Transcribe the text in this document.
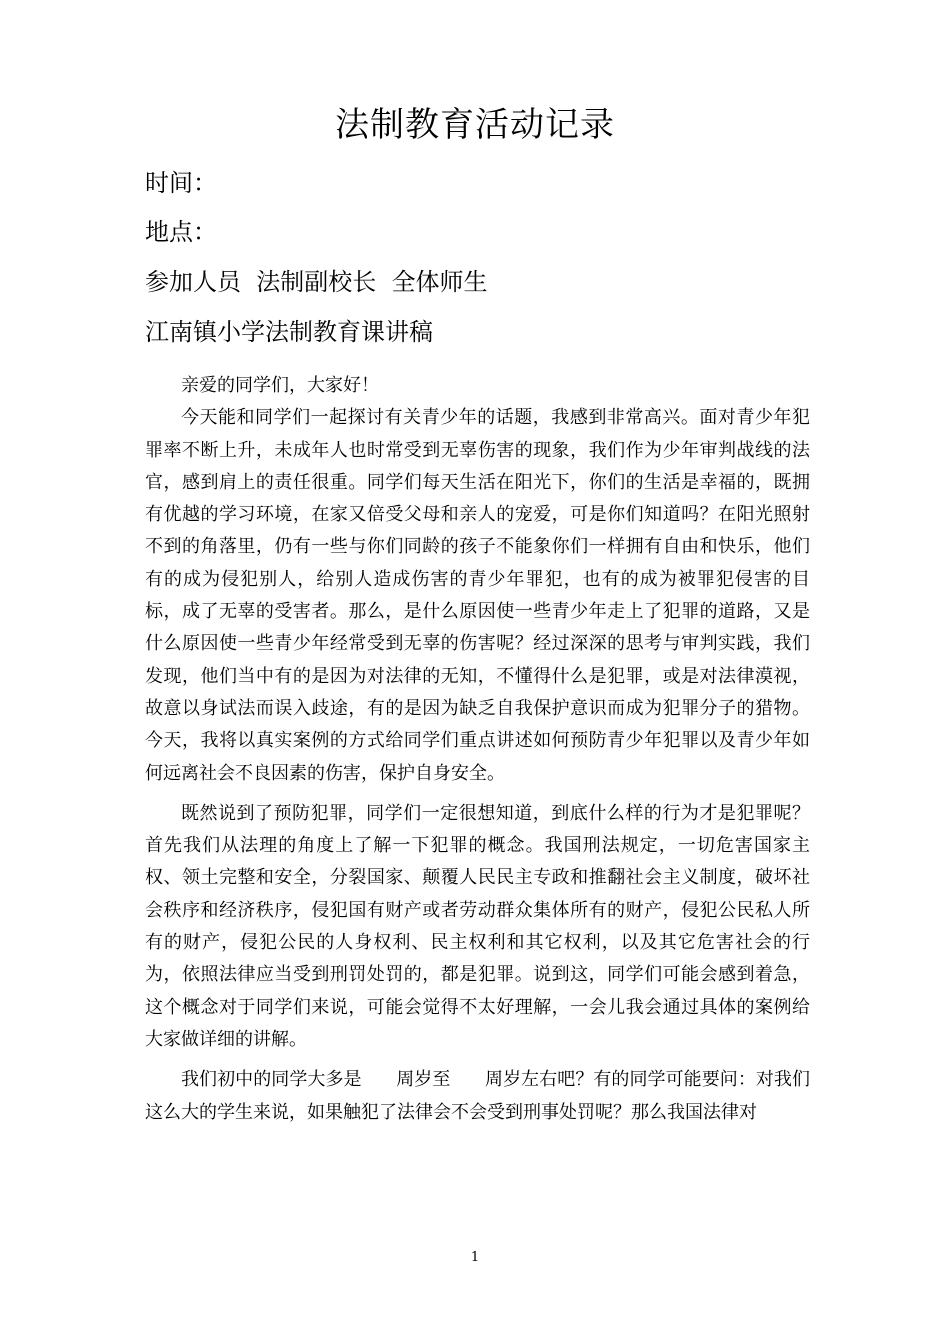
法制教育活动记录
时间：
地点：
参加人员  法制副校长  全体师生
江南镇小学法制教育课讲稿

亲爱的同学们，大家好！

今天能和同学们一起探讨有关青少年的话题，我感到非常高兴。面对青少年犯罪率不断上升，未成年人也时常受到无辜伤害的现象，我们作为少年审判战线的法官，感到肩上的责任很重。同学们每天生活在阳光下，你们的生活是幸福的，既拥有优越的学习环境，在家又倍受父母和亲人的宠爱，可是你们知道吗？在阳光照射不到的角落里，仍有一些与你们同龄的孩子不能象你们一样拥有自由和快乐，他们有的成为侵犯别人，给别人造成伤害的青少年罪犯，也有的成为被罪犯侵害的目标，成了无辜的受害者。那么，是什么原因使一些青少年走上了犯罪的道路，又是什么原因使一些青少年经常受到无辜的伤害呢？经过深深的思考与审判实践，我们发现，他们当中有的是因为对法律的无知，不懂得什么是犯罪，或是对法律漠视，故意以身试法而误入歧途，有的是因为缺乏自我保护意识而成为犯罪分子的猎物。今天，我将以真实案例的方式给同学们重点讲述如何预防青少年犯罪以及青少年如何远离社会不良因素的伤害，保护自身安全。

既然说到了预防犯罪，同学们一定很想知道，到底什么样的行为才是犯罪呢？首先我们从法理的角度上了解一下犯罪的概念。我国刑法规定，一切危害国家主权、领土完整和安全，分裂国家、颠覆人民民主专政和推翻社会主义制度，破坏社会秩序和经济秩序，侵犯国有财产或者劳动群众集体所有的财产，侵犯公民私人所有的财产，侵犯公民的人身权利、民主权利和其它权利，以及其它危害社会的行为，依照法律应当受到刑罚处罚的，都是犯罪。说到这，同学们可能会感到着急，这个概念对于同学们来说，可能会觉得不太好理解，一会儿我会通过具体的案例给大家做详细的讲解。

我们初中的同学大多是      周岁至      周岁左右吧？有的同学可能要问：对我们这么大的学生来说，如果触犯了法律会不会受到刑事处罚呢？那么我国法律对

1
